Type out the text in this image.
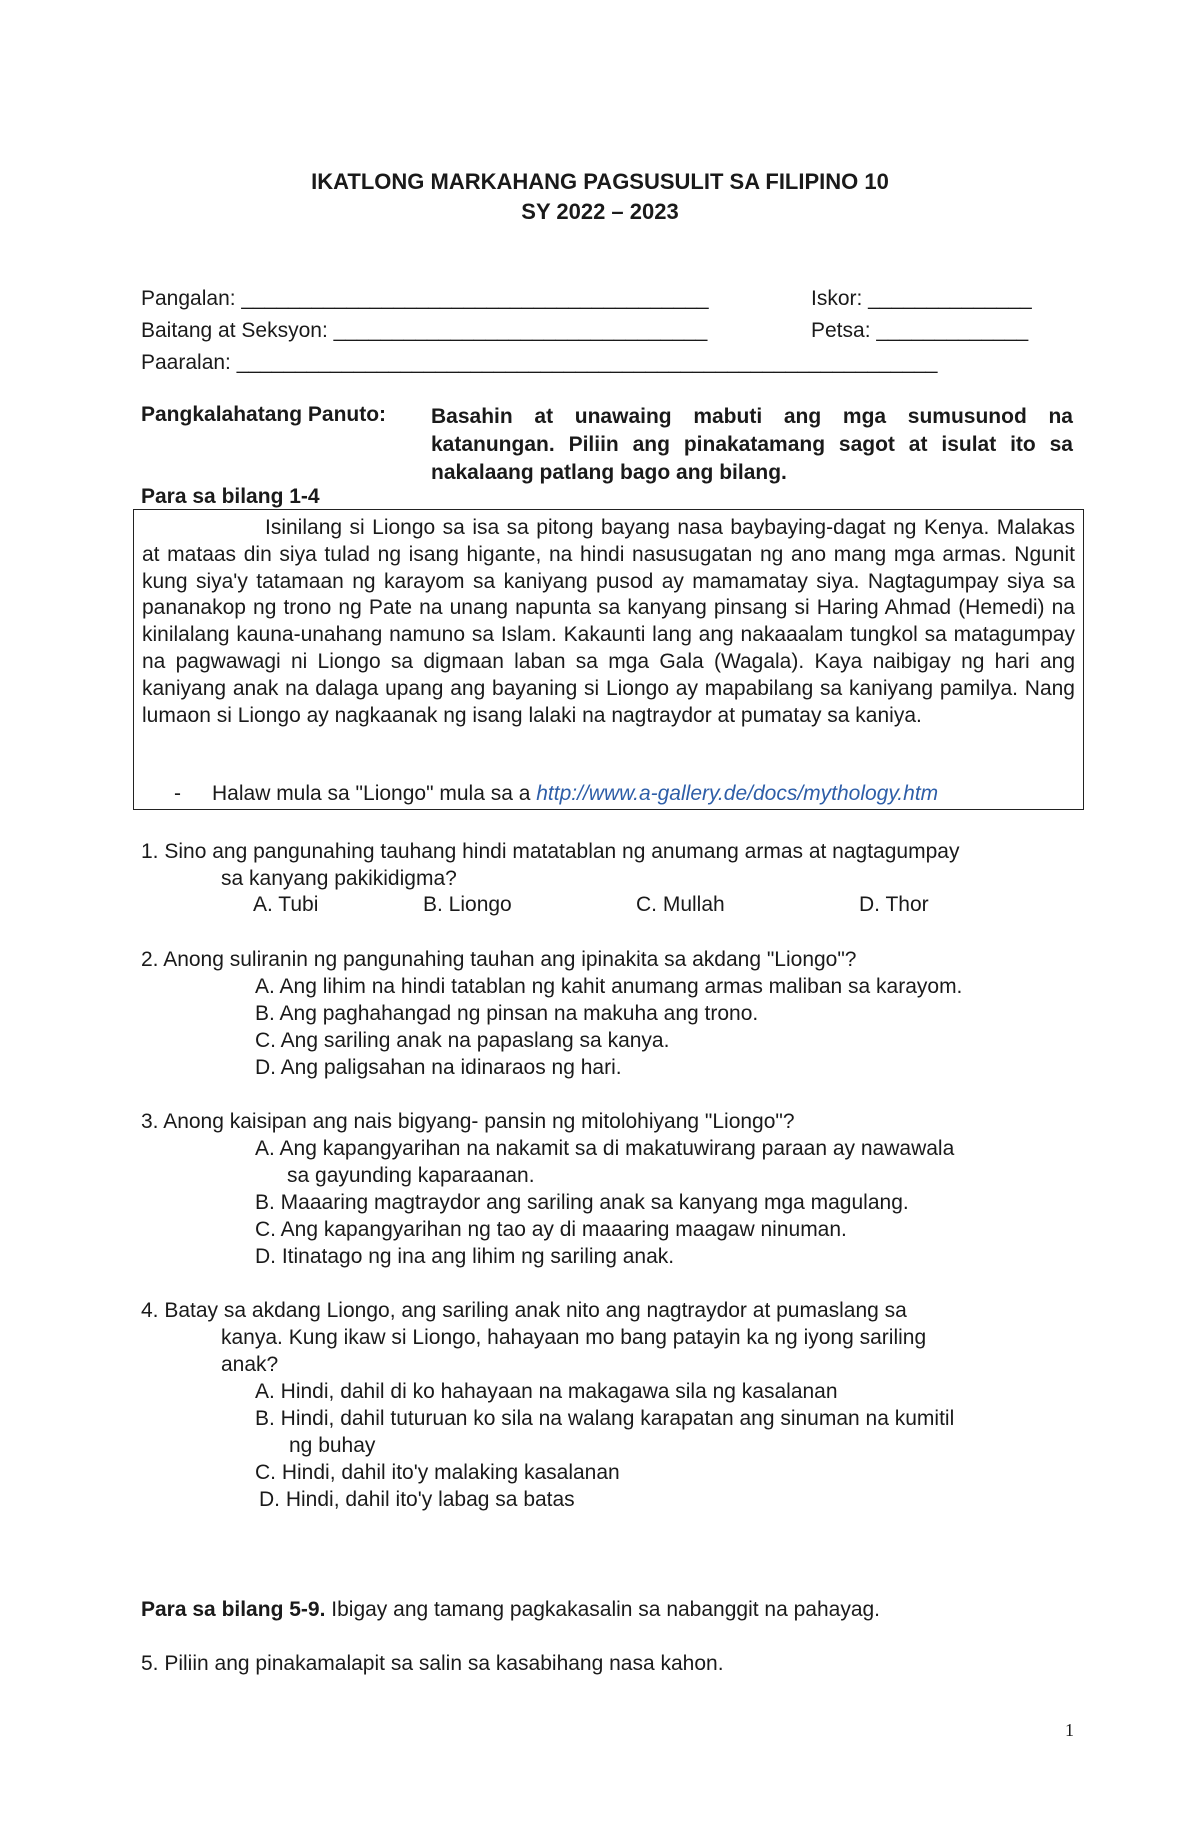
IKATLONG MARKAHANG PAGSUSULIT SA FILIPINO 10
SY 2022 – 2023
Pangalan: ________________________________________	Iskor: ______________
Baitang at Seksyon: ________________________________	Petsa: _____________
Paaralan: ____________________________________________________________
Pangkalahatang Panuto: Basahin at unawaing mabuti ang mga sumusunod na katanungan. Piliin ang pinakatamang sagot at isulat ito sa nakalaang patlang bago ang bilang.
Para sa bilang 1-4

Isinilang si Liongo sa isa sa pitong bayang nasa baybaying-dagat ng Kenya. Malakas at mataas din siya tulad ng isang higante, na hindi nasusugatan ng ano mang mga armas. Ngunit kung siya'y tatamaan ng karayom sa kaniyang pusod ay mamamatay siya. Nagtagumpay siya sa pananakop ng trono ng Pate na unang napunta sa kanyang pinsang si Haring Ahmad (Hemedi) na kinilalang kauna-unahang namuno sa Islam. Kakaunti lang ang nakaaalam tungkol sa matagumpay na pagwawagi ni Liongo sa digmaan laban sa mga Gala (Wagala). Kaya naibigay ng hari ang kaniyang anak na dalaga upang ang bayaning si Liongo ay mapabilang sa kaniyang pamilya. Nang lumaon si Liongo ay nagkaanak ng isang lalaki na nagtraydor at pumatay sa kaniya.

- Halaw mula sa "Liongo" mula sa a http://www.a-gallery.de/docs/mythology.htm
1. Sino ang pangunahing tauhang hindi matatablan ng anumang armas at nagtagumpay
sa kanyang pakikidigma?
A. Tubi	B. Liongo	C. Mullah	D. Thor
2. Anong suliranin ng pangunahing tauhan ang ipinakita sa akdang "Liongo"?
A. Ang lihim na hindi tatablan ng kahit anumang armas maliban sa karayom.
B. Ang paghahangad ng pinsan na makuha ang trono.
C. Ang sariling anak na papaslang sa kanya.
D. Ang paligsahan na idinaraos ng hari.
3. Anong kaisipan ang nais bigyang- pansin ng mitolohiyang "Liongo"?
A. Ang kapangyarihan na nakamit sa di makatuwirang paraan ay nawawala
sa gayunding kaparaanan.
B. Maaaring magtraydor ang sariling anak sa kanyang mga magulang.
C. Ang kapangyarihan ng tao ay di maaaring maagaw ninuman.
D. Itinatago ng ina ang lihim ng sariling anak.
4. Batay sa akdang Liongo, ang sariling anak nito ang nagtraydor at pumaslang sa
kanya. Kung ikaw si Liongo, hahayaan mo bang patayin ka ng iyong sariling
anak?
A. Hindi, dahil di ko hahayaan na makagawa sila ng kasalanan
B. Hindi, dahil tuturuan ko sila na walang karapatan ang sinuman na kumitil
ng buhay
C. Hindi, dahil ito'y malaking kasalanan
D. Hindi, dahil ito'y labag sa batas
Para sa bilang 5-9. Ibigay ang tamang pagkakasalin sa nabanggit na pahayag.
5. Piliin ang pinakamalapit sa salin sa kasabihang nasa kahon.
1
